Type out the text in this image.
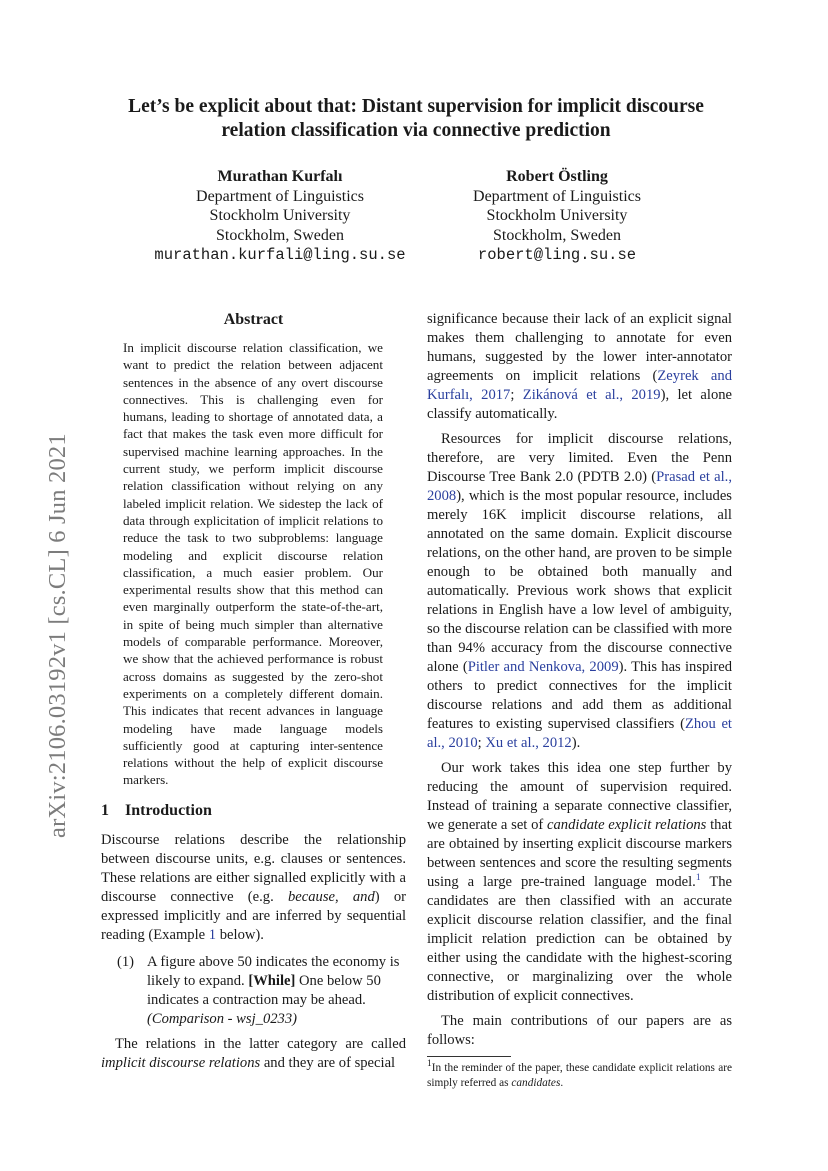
arXiv:2106.03192v1 [cs.CL] 6 Jun 2021
Let’s be explicit about that: Distant supervision for implicit discourse
relation classification via connective prediction
Murathan Kurfalı
Department of Linguistics
Stockholm University
Stockholm, Sweden
murathan.kurfali@ling.su.se
Robert Östling
Department of Linguistics
Stockholm University
Stockholm, Sweden
robert@ling.su.se
Abstract

In implicit discourse relation classification, we want to predict the relation between adjacent sentences in the absence of any overt discourse connectives. This is challenging even for humans, leading to shortage of annotated data, a fact that makes the task even more difficult for supervised machine learning approaches. In the current study, we perform implicit discourse relation classification without relying on any labeled implicit relation. We sidestep the lack of data through explicitation of implicit relations to reduce the task to two subproblems: language modeling and explicit discourse relation classification, a much easier problem. Our experimental results show that this method can even marginally outperform the state-of-the-art, in spite of being much simpler than alternative models of comparable performance. Moreover, we show that the achieved performance is robust across domains as suggested by the zero-shot experiments on a completely different domain. This indicates that recent advances in language modeling have made language models sufficiently good at capturing inter-sentence relations without the help of explicit discourse markers.

1 Introduction

Discourse relations describe the relationship between discourse units, e.g. clauses or sentences. These relations are either signalled explicitly with a discourse connective (e.g. because, and) or expressed implicitly and are inferred by sequential reading (Example 1 below).

(1) A figure above 50 indicates the economy is likely to expand. [While] One below 50 indicates a contraction may be ahead. (Comparison - wsj_0233)

The relations in the latter category are called implicit discourse relations and they are of special

significance because their lack of an explicit signal makes them challenging to annotate for even humans, suggested by the lower inter-annotator agreements on implicit relations (Zeyrek and Kurfalı, 2017; Zikánová et al., 2019), let alone classify automatically.

Resources for implicit discourse relations, therefore, are very limited. Even the Penn Discourse Tree Bank 2.0 (PDTB 2.0) (Prasad et al., 2008), which is the most popular resource, includes merely 16K implicit discourse relations, all annotated on the same domain. Explicit discourse relations, on the other hand, are proven to be simple enough to be obtained both manually and automatically. Previous work shows that explicit relations in English have a low level of ambiguity, so the discourse relation can be classified with more than 94% accuracy from the discourse connective alone (Pitler and Nenkova, 2009). This has inspired others to predict connectives for the implicit discourse relations and add them as additional features to existing supervised classifiers (Zhou et al., 2010; Xu et al., 2012).

Our work takes this idea one step further by reducing the amount of supervision required. Instead of training a separate connective classifier, we generate a set of candidate explicit relations that are obtained by inserting explicit discourse markers between sentences and score the resulting segments using a large pre-trained language model.$^1$ The candidates are then classified with an accurate explicit discourse relation classifier, and the final implicit relation prediction can be obtained by either using the candidate with the highest-scoring connective, or marginalizing over the whole distribution of explicit connectives.

The main contributions of our papers are as follows:

$^1$In the reminder of the paper, these candidate explicit relations are simply referred as candidates.
